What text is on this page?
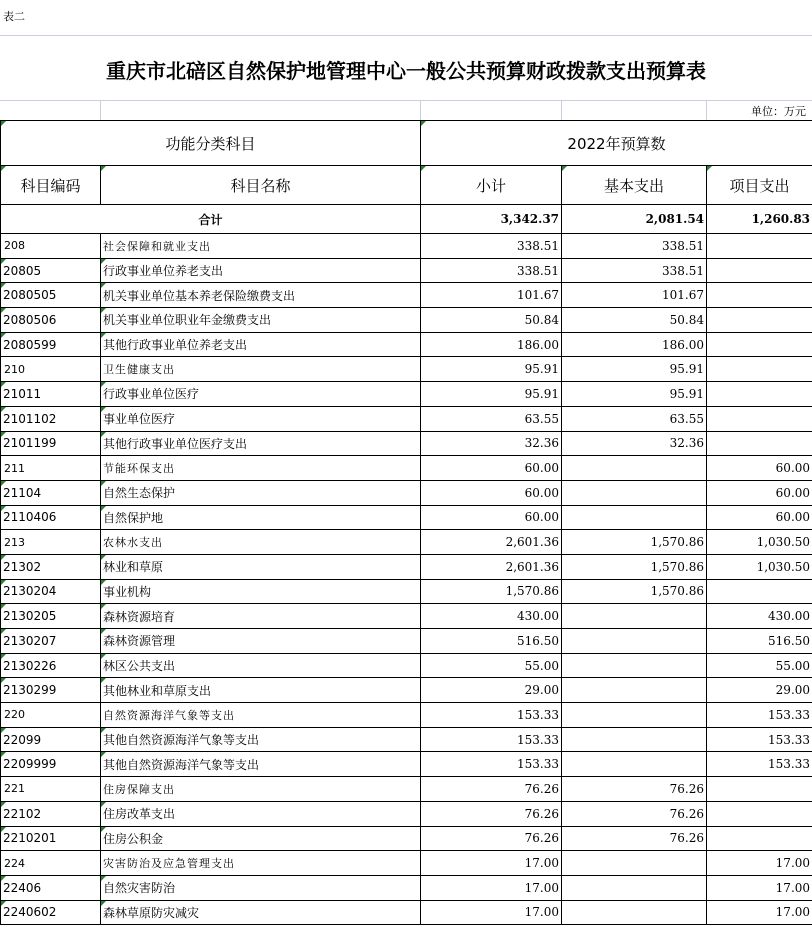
表二
重庆市北碚区自然保护地管理中心一般公共预算财政拨款支出预算表
单位：万元
功能分类科目		2022年预算数		
科目编码	科目名称	小计	基本支出	项目支出
合计		3,342.37	2,081.54	1,260.83
208	社会保障和就业支出	338.51	338.51	
20805	行政事业单位养老支出	338.51	338.51	
2080505	机关事业单位基本养老保险缴费支出	101.67	101.67	
2080506	机关事业单位职业年金缴费支出	50.84	50.84	
2080599	其他行政事业单位养老支出	186.00	186.00	
210	卫生健康支出	95.91	95.91	
21011	行政事业单位医疗	95.91	95.91	
2101102	事业单位医疗	63.55	63.55	
2101199	其他行政事业单位医疗支出	32.36	32.36	
211	节能环保支出	60.00		60.00
21104	自然生态保护	60.00		60.00
2110406	自然保护地	60.00		60.00
213	农林水支出	2,601.36	1,570.86	1,030.50
21302	林业和草原	2,601.36	1,570.86	1,030.50
2130204	事业机构	1,570.86	1,570.86	
2130205	森林资源培育	430.00		430.00
2130207	森林资源管理	516.50		516.50
2130226	林区公共支出	55.00		55.00
2130299	其他林业和草原支出	29.00		29.00
220	自然资源海洋气象等支出	153.33		153.33
22099	其他自然资源海洋气象等支出	153.33		153.33
2209999	其他自然资源海洋气象等支出	153.33		153.33
221	住房保障支出	76.26	76.26	
22102	住房改革支出	76.26	76.26	
2210201	住房公积金	76.26	76.26	
224	灾害防治及应急管理支出	17.00		17.00
22406	自然灾害防治	17.00		17.00
2240602	森林草原防灾减灾	17.00		17.00
